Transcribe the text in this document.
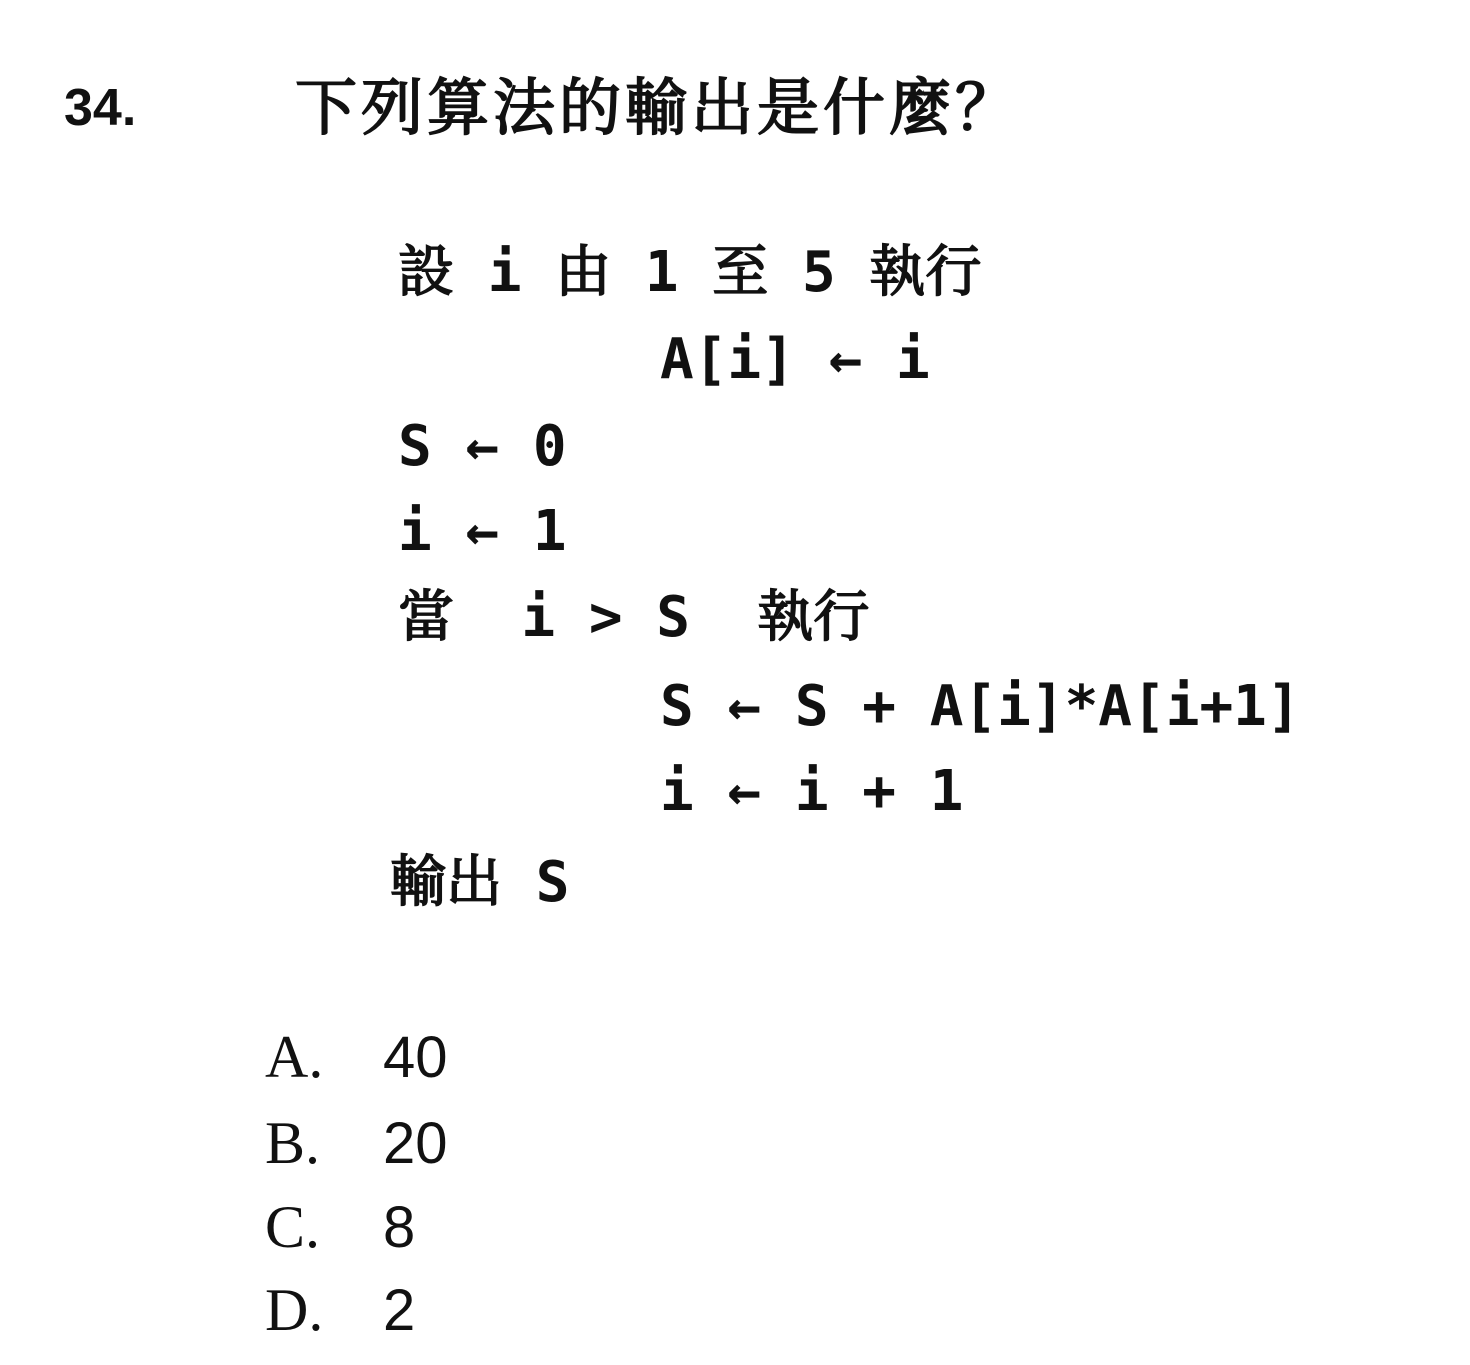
34.	下列算法的輸出是什麼？
設 i 由 1 至 5 執行
A[i] ← i
S ← 0
i ← 1
當  i > S  執行
S ← S + A[i]*A[i+1]
i ← i + 1
輸出 S
A. 40
B. 20
C. 8
D. 2
